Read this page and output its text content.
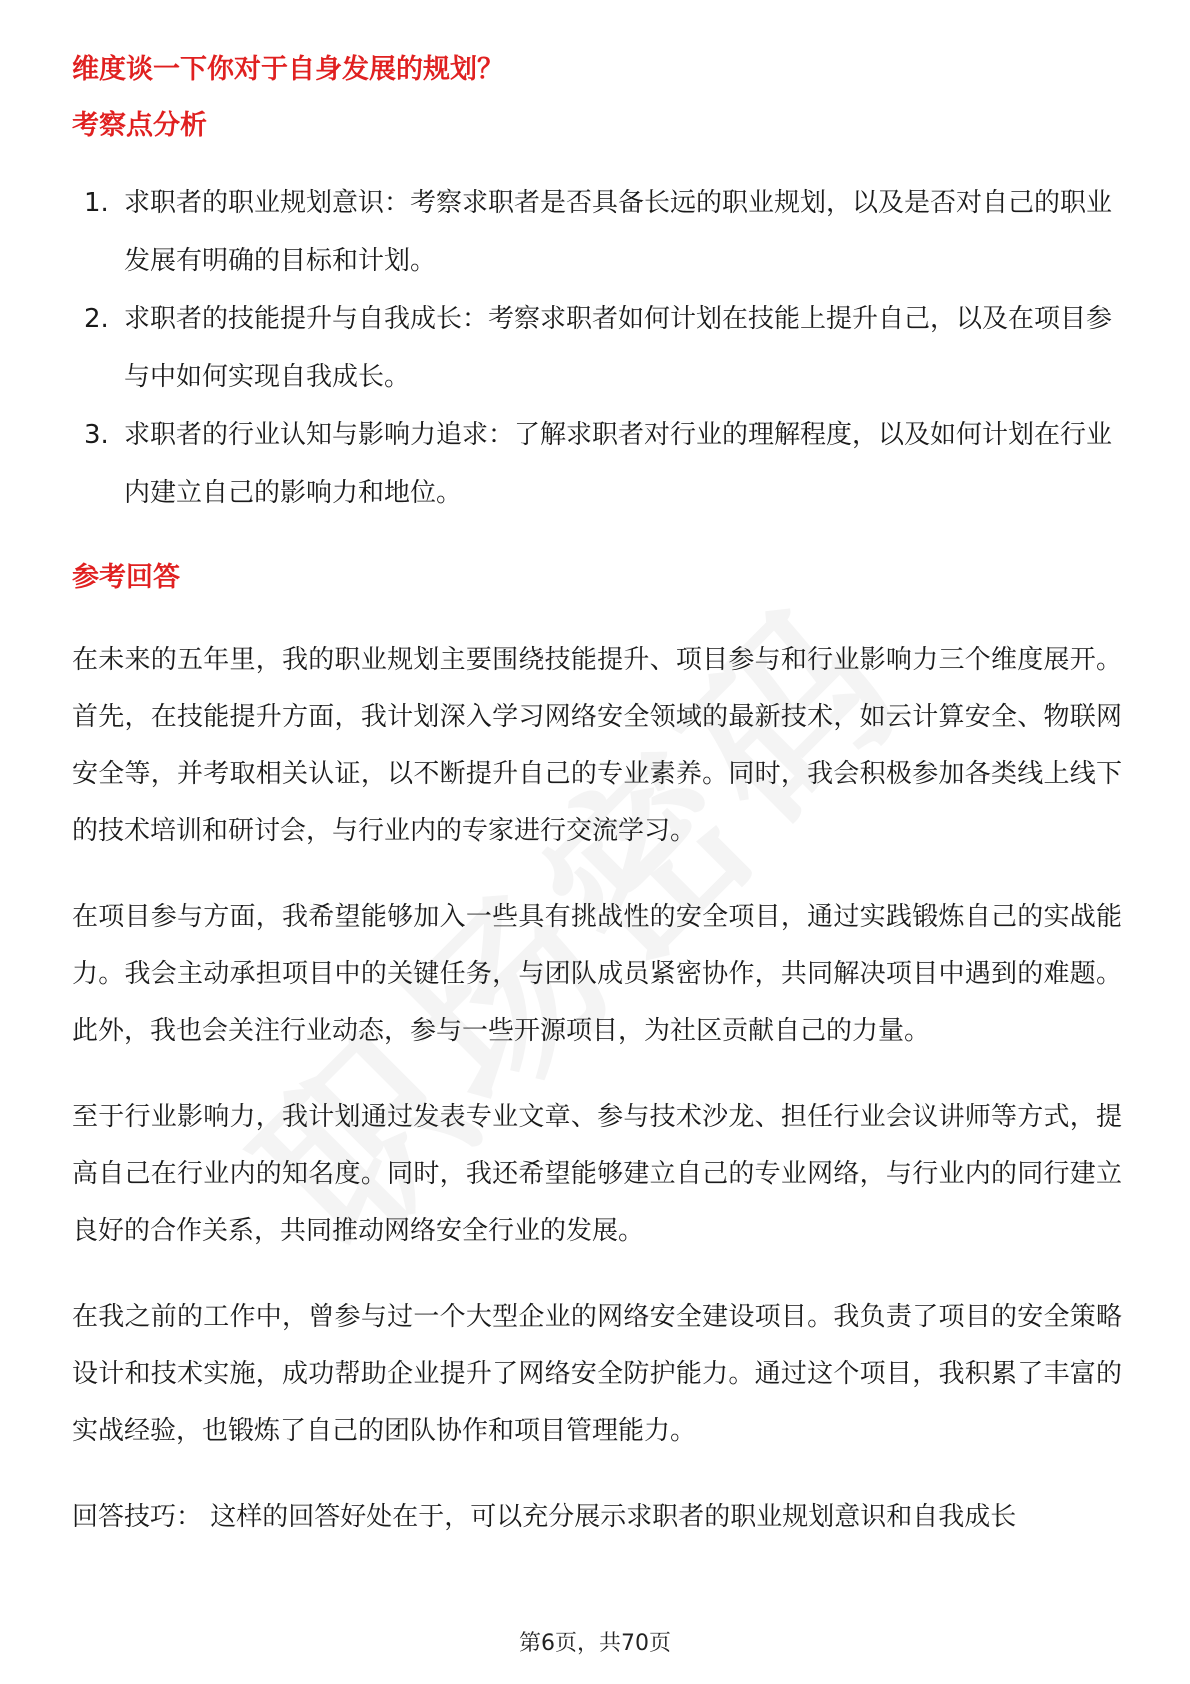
维度谈一下你对于自身发展的规划？
考察点分析
1. 求职者的职业规划意识：考察求职者是否具备长远的职业规划，以及是否对自己的职业发展有明确的目标和计划。
2. 求职者的技能提升与自我成长：考察求职者如何计划在技能上提升自己，以及在项目参与中如何实现自我成长。
3. 求职者的行业认知与影响力追求：了解求职者对行业的理解程度，以及如何计划在行业内建立自己的影响力和地位。
参考回答

在未来的五年里，我的职业规划主要围绕技能提升、项目参与和行业影响力三个维度展开。首先，在技能提升方面，我计划深入学习网络安全领域的最新技术，如云计算安全、物联网安全等，并考取相关认证，以不断提升自己的专业素养。同时，我会积极参加各类线上线下的技术培训和研讨会，与行业内的专家进行交流学习。

在项目参与方面，我希望能够加入一些具有挑战性的安全项目，通过实践锻炼自己的实战能力。我会主动承担项目中的关键任务，与团队成员紧密协作，共同解决项目中遇到的难题。此外，我也会关注行业动态，参与一些开源项目，为社区贡献自己的力量。

至于行业影响力，我计划通过发表专业文章、参与技术沙龙、担任行业会议讲师等方式，提高自己在行业内的知名度。同时，我还希望能够建立自己的专业网络，与行业内的同行建立良好的合作关系，共同推动网络安全行业的发展。

在我之前的工作中，曾参与过一个大型企业的网络安全建设项目。我负责了项目的安全策略设计和技术实施，成功帮助企业提升了网络安全防护能力。通过这个项目，我积累了丰富的实战经验，也锻炼了自己的团队协作和项目管理能力。

回答技巧： 这样的回答好处在于，可以充分展示求职者的职业规划意识和自我成长

第6页，共70页
